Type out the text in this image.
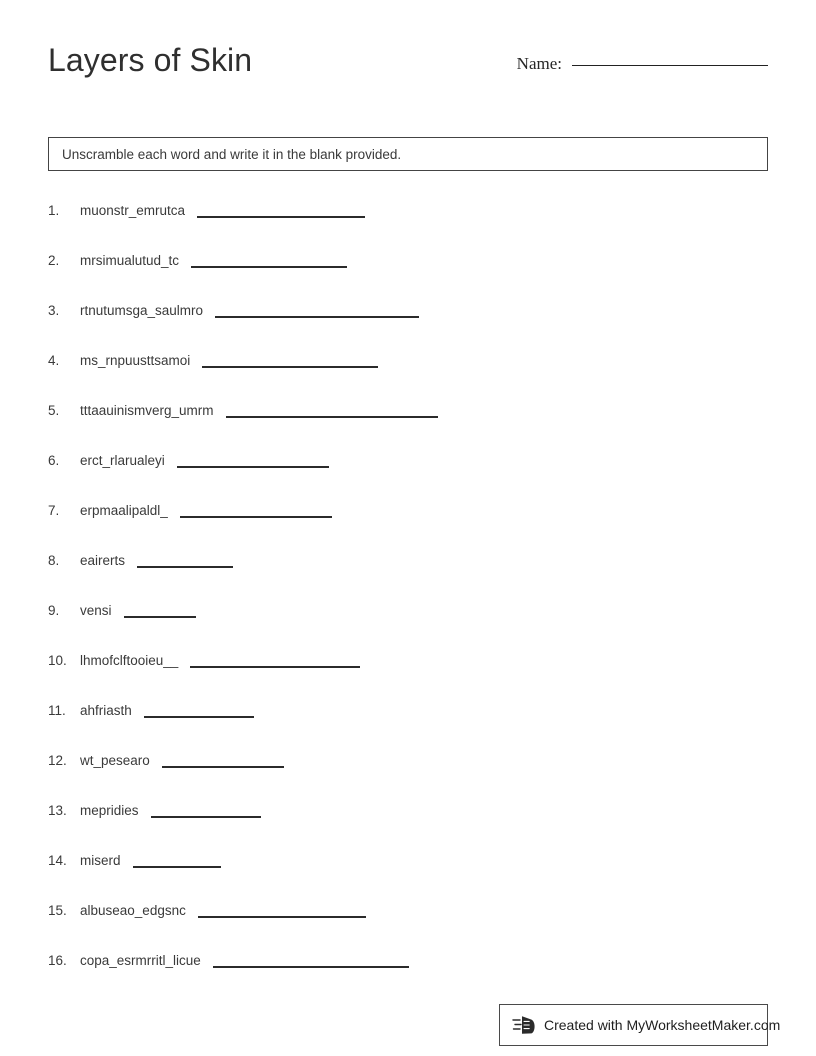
Layers of Skin	Name:
Unscramble each word and write it in the blank provided.
1.	muonstr_emrutca
2.	mrsimualutud_tc
3.	rtnutumsga_saulmro
4.	ms_rnpuusttsamoi
5.	tttaauinismverg_umrm
6.	erct_rlarualeyi
7.	erpmaalipaldl_
8.	eairerts
9.	vensi
10. lhmofclftooieu__
11.	ahfriasth
12. wt_pesearo
13. mepridies
14. miserd
15. albuseao_edgsnc
16. copa_esrmrritl_licue
Created with MyWorksheetMaker.com
